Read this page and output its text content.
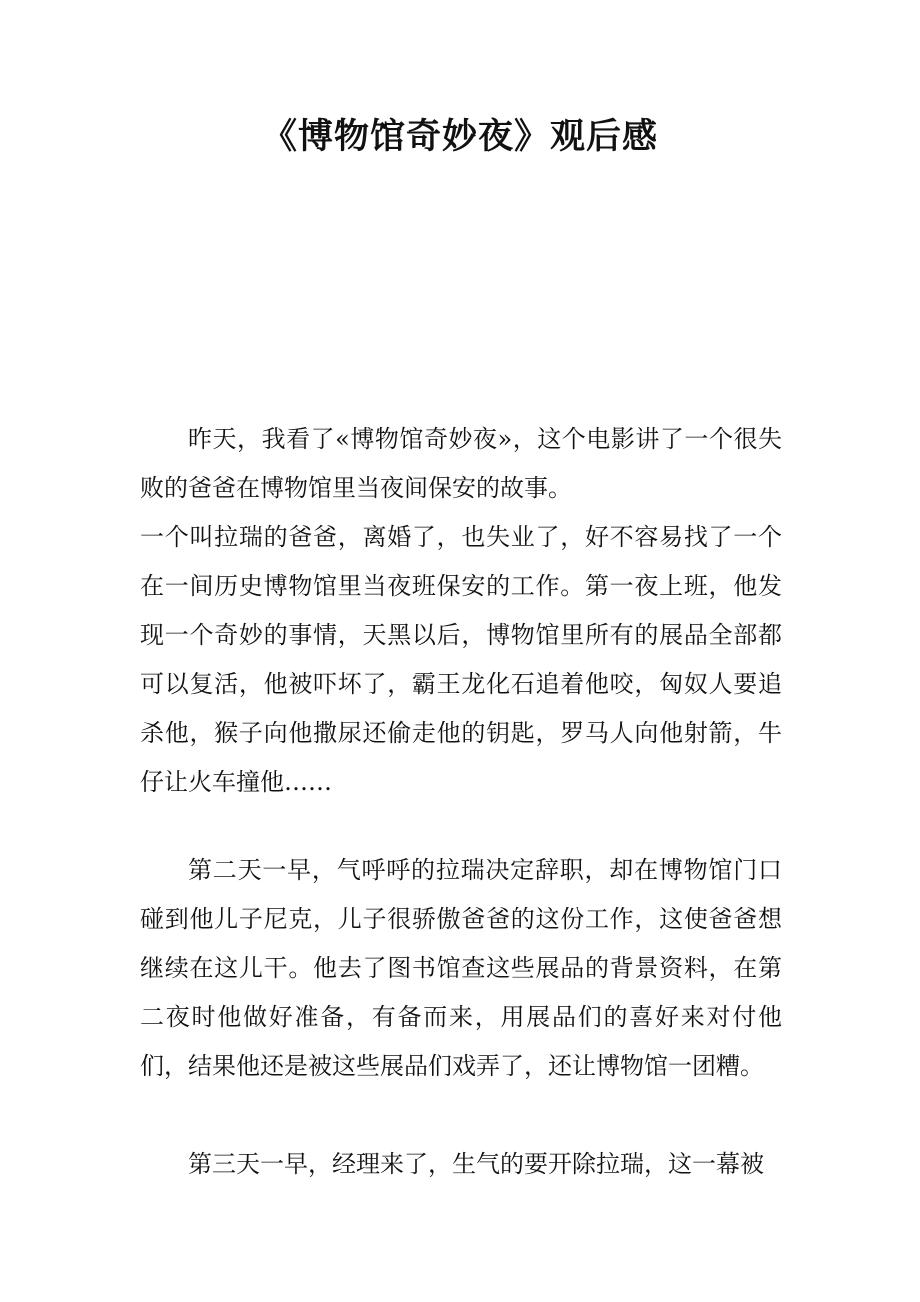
《博物馆奇妙夜》观后感

昨天，我看了«博物馆奇妙夜»，这个电影讲了一个很失败的爸爸在博物馆里当夜间保安的故事。

一个叫拉瑞的爸爸，离婚了，也失业了，好不容易找了一个在一间历史博物馆里当夜班保安的工作。第一夜上班，他发现一个奇妙的事情，天黑以后，博物馆里所有的展品全部都可以复活，他被吓坏了，霸王龙化石追着他咬，匈奴人要追杀他，猴子向他撒尿还偷走他的钥匙，罗马人向他射箭，牛仔让火车撞他……

第二天一早，气呼呼的拉瑞决定辞职，却在博物馆门口碰到他儿子尼克，儿子很骄傲爸爸的这份工作，这使爸爸想继续在这儿干。他去了图书馆查这些展品的背景资料，在第二夜时他做好准备，有备而来，用展品们的喜好来对付他们，结果他还是被这些展品们戏弄了，还让博物馆一团糟。

第三天一早，经理来了，生气的要开除拉瑞，这一幕被
